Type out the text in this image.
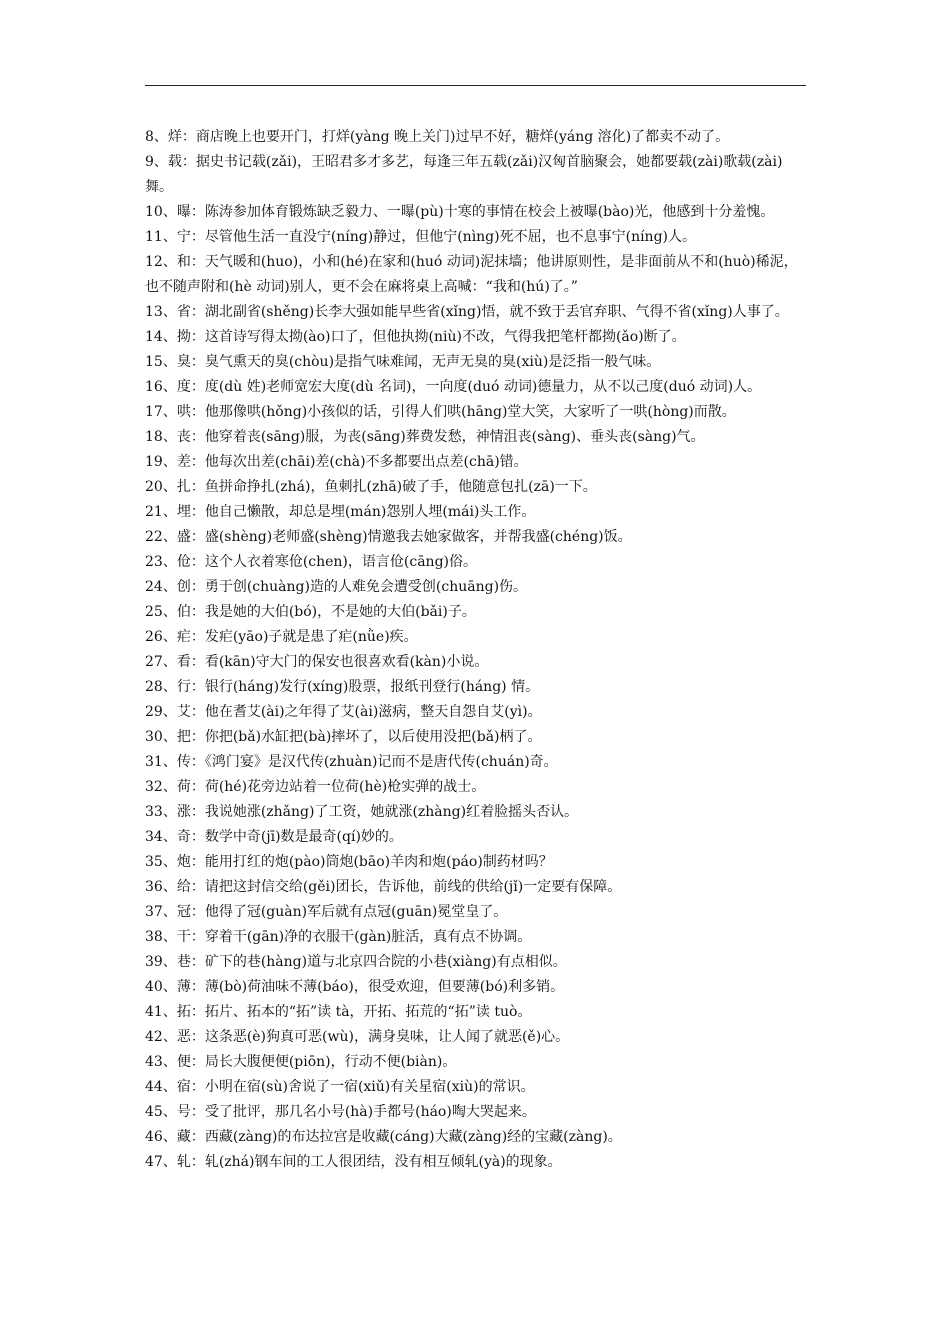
8、烊：商店晚上也要开门，打烊(yàng 晚上关门)过早不好，糖烊(yáng 溶化)了都卖不动了。

9、载：据史书记载(zǎi)，王昭君多才多艺，每逢三年五载(zǎi)汉匈首脑聚会，她都要载(zài)歌载(zài)舞。

10、曝：陈涛参加体育锻炼缺乏毅力、一曝(pù)十寒的事情在校会上被曝(bào)光，他感到十分羞愧。

11、宁：尽管他生活一直没宁(níng)静过，但他宁(nìng)死不屈，也不息事宁(níng)人。

12、和：天气暖和(huo)，小和(hé)在家和(huó 动词)泥抹墙；他讲原则性，是非面前从不和(huò)稀泥，也不随声附和(hè 动词)别人，更不会在麻将桌上高喊：“我和(hú)了。”

13、省：湖北副省(shěng)长李大强如能早些省(xǐng)悟，就不致于丢官弃职、气得不省(xǐng)人事了。

14、拗：这首诗写得太拗(ào)口了，但他执拗(niù)不改，气得我把笔杆都拗(ǎo)断了。

15、臭：臭气熏天的臭(chòu)是指气味难闻，无声无臭的臭(xiù)是泛指一般气味。

16、度：度(dù 姓)老师宽宏大度(dù 名词)，一向度(duó 动词)德量力，从不以己度(duó 动词)人。

17、哄：他那像哄(hǒng)小孩似的话，引得人们哄(hāng)堂大笑，大家听了一哄(hòng)而散。

18、丧：他穿着丧(sāng)服，为丧(sāng)葬费发愁，神情沮丧(sàng)、垂头丧(sàng)气。

19、差：他每次出差(chāi)差(chà)不多都要出点差(chā)错。

20、扎：鱼拼命挣扎(zhá)，鱼刺扎(zhā)破了手，他随意包扎(zā)一下。

21、埋：他自己懒散，却总是埋(mán)怨别人埋(mái)头工作。

22、盛：盛(shèng)老师盛(shèng)情邀我去她家做客，并帮我盛(chéng)饭。

23、伧：这个人衣着寒伧(chen)，语言伧(cāng)俗。

24、创：勇于创(chuàng)造的人难免会遭受创(chuāng)伤。

25、伯：我是她的大伯(bó)，不是她的大伯(bǎi)子。

26、疟：发疟(yāo)子就是患了疟(nǜe)疾。

27、看：看(kān)守大门的保安也很喜欢看(kàn)小说。

28、行：银行(háng)发行(xíng)股票，报纸刊登行(háng) 情。

29、艾：他在耆艾(ài)之年得了艾(ài)滋病，整天自怨自艾(yì)。

30、把：你把(bǎ)水缸把(bà)摔坏了，以后使用没把(bǎ)柄了。

31、传：《鸿门宴》是汉代传(zhuàn)记而不是唐代传(chuán)奇。

32、荷：荷(hé)花旁边站着一位荷(hè)枪实弹的战士。

33、涨：我说她涨(zhǎng)了工资，她就涨(zhàng)红着脸摇头否认。

34、奇：数学中奇(jī)数是最奇(qí)妙的。

35、炮：能用打红的炮(pào)筒炮(bāo)羊肉和炮(páo)制药材吗？

36、给：请把这封信交给(gěi)团长，告诉他，前线的供给(jǐ)一定要有保障。

37、冠：他得了冠(guàn)军后就有点冠(guān)冕堂皇了。

38、干：穿着干(gān)净的衣服干(gàn)脏活，真有点不协调。

39、巷：矿下的巷(hàng)道与北京四合院的小巷(xiàng)有点相似。

40、薄：薄(bò)荷油味不薄(báo)，很受欢迎，但要薄(bó)利多销。

41、拓：拓片、拓本的“拓”读 tà，开拓、拓荒的“拓”读 tuò。

42、恶：这条恶(è)狗真可恶(wù)，满身臭味，让人闻了就恶(ě)心。

43、便：局长大腹便便(piōn)，行动不便(biàn)。

44、宿：小明在宿(sù)舍说了一宿(xiǔ)有关星宿(xiù)的常识。

45、号：受了批评，那几名小号(hà)手都号(háo)啕大哭起来。

46、藏：西藏(zàng)的布达拉宫是收藏(cáng)大藏(zàng)经的宝藏(zàng)。

47、轧：轧(zhá)钢车间的工人很团结，没有相互倾轧(yà)的现象。
